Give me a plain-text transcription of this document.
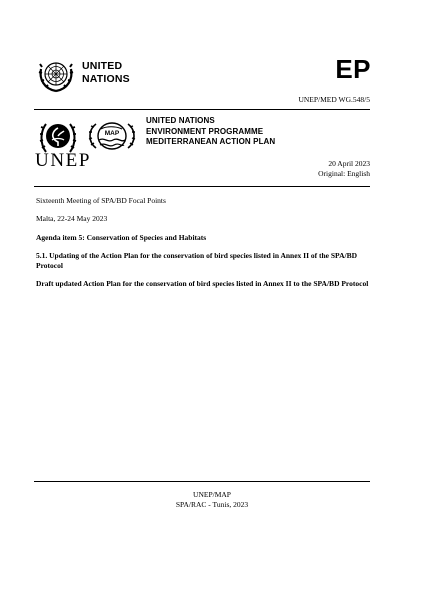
UNITED
NATIONS	EP
UNEP/MED WG.548/5
UNEP
MAP
UNITED NATIONS
ENVIRONMENT PROGRAMME
MEDITERRANEAN ACTION PLAN
20 April 2023
Original: English
Sixteenth Meeting of SPA/BD Focal Points
Malta, 22-24 May 2023
Agenda item 5: Conservation of Species and Habitats
5.1. Updating of the Action Plan for the conservation of bird species listed in Annex II of the SPA/BD Protocol
Draft updated Action Plan for the conservation of bird species listed in Annex II to the SPA/BD Protocol
UNEP/MAP
SPA/RAC - Tunis, 2023
